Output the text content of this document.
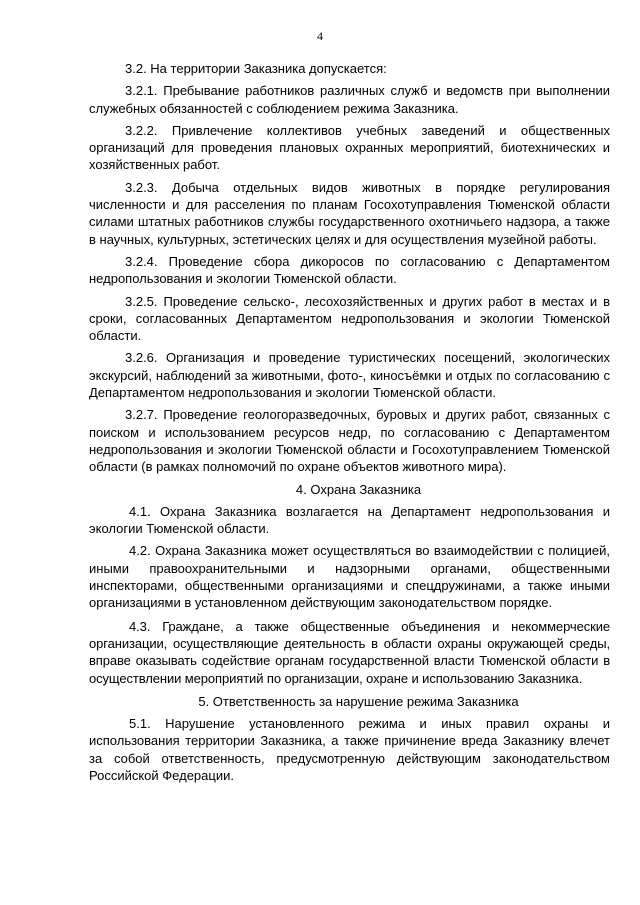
4

3.2. На территории Заказника допускается:

3.2.1. Пребывание работников различных служб и ведомств при выполнении служебных обязанностей с соблюдением режима Заказника.

3.2.2. Привлечение коллективов учебных заведений и общественных организаций для проведения плановых охранных мероприятий, биотехнических и хозяйственных работ.

3.2.3. Добыча отдельных видов животных в порядке регулирования численности и для расселения по планам Госохотуправления Тюменской области силами штатных работников службы государственного охотничьего надзора, а также в научных, культурных, эстетических целях и для осуществления музейной работы.

3.2.4. Проведение сбора дикоросов по согласованию с Департаментом недропользования и экологии Тюменской области.

3.2.5. Проведение сельско-, лесохозяйственных и других работ в местах и в сроки, согласованных Департаментом недропользования и экологии Тюменской области.

3.2.6. Организация и проведение туристических посещений, экологических экскурсий, наблюдений за животными, фото-, киносъёмки и отдых по согласованию с Департаментом недропользования и экологии Тюменской области.

3.2.7. Проведение геологоразведочных, буровых и других работ, связанных с поиском и использованием ресурсов недр, по согласованию с Департаментом недропользования и экологии Тюменской области и Госохотуправлением Тюменской области (в рамках полномочий по охране объектов животного мира).

4. Охрана Заказника

4.1. Охрана Заказника возлагается на Департамент недропользования и экологии Тюменской области.

4.2. Охрана Заказника может осуществляться во взаимодействии с полицией, иными правоохранительными и надзорными органами, общественными инспекторами, общественными организациями и спецдружинами, а также иными организациями в установленном действующим законодательством порядке.

4.3. Граждане, а также общественные объединения и некоммерческие организации, осуществляющие деятельность в области охраны окружающей среды, вправе оказывать содействие органам государственной власти Тюменской области в осуществлении мероприятий по организации, охране и использованию Заказника.

5. Ответственность за нарушение режима Заказника

5.1. Нарушение установленного режима и иных правил охраны и использования территории Заказника, а также причинение вреда Заказнику влечет за собой ответственность, предусмотренную действующим законодательством Российской Федерации.
